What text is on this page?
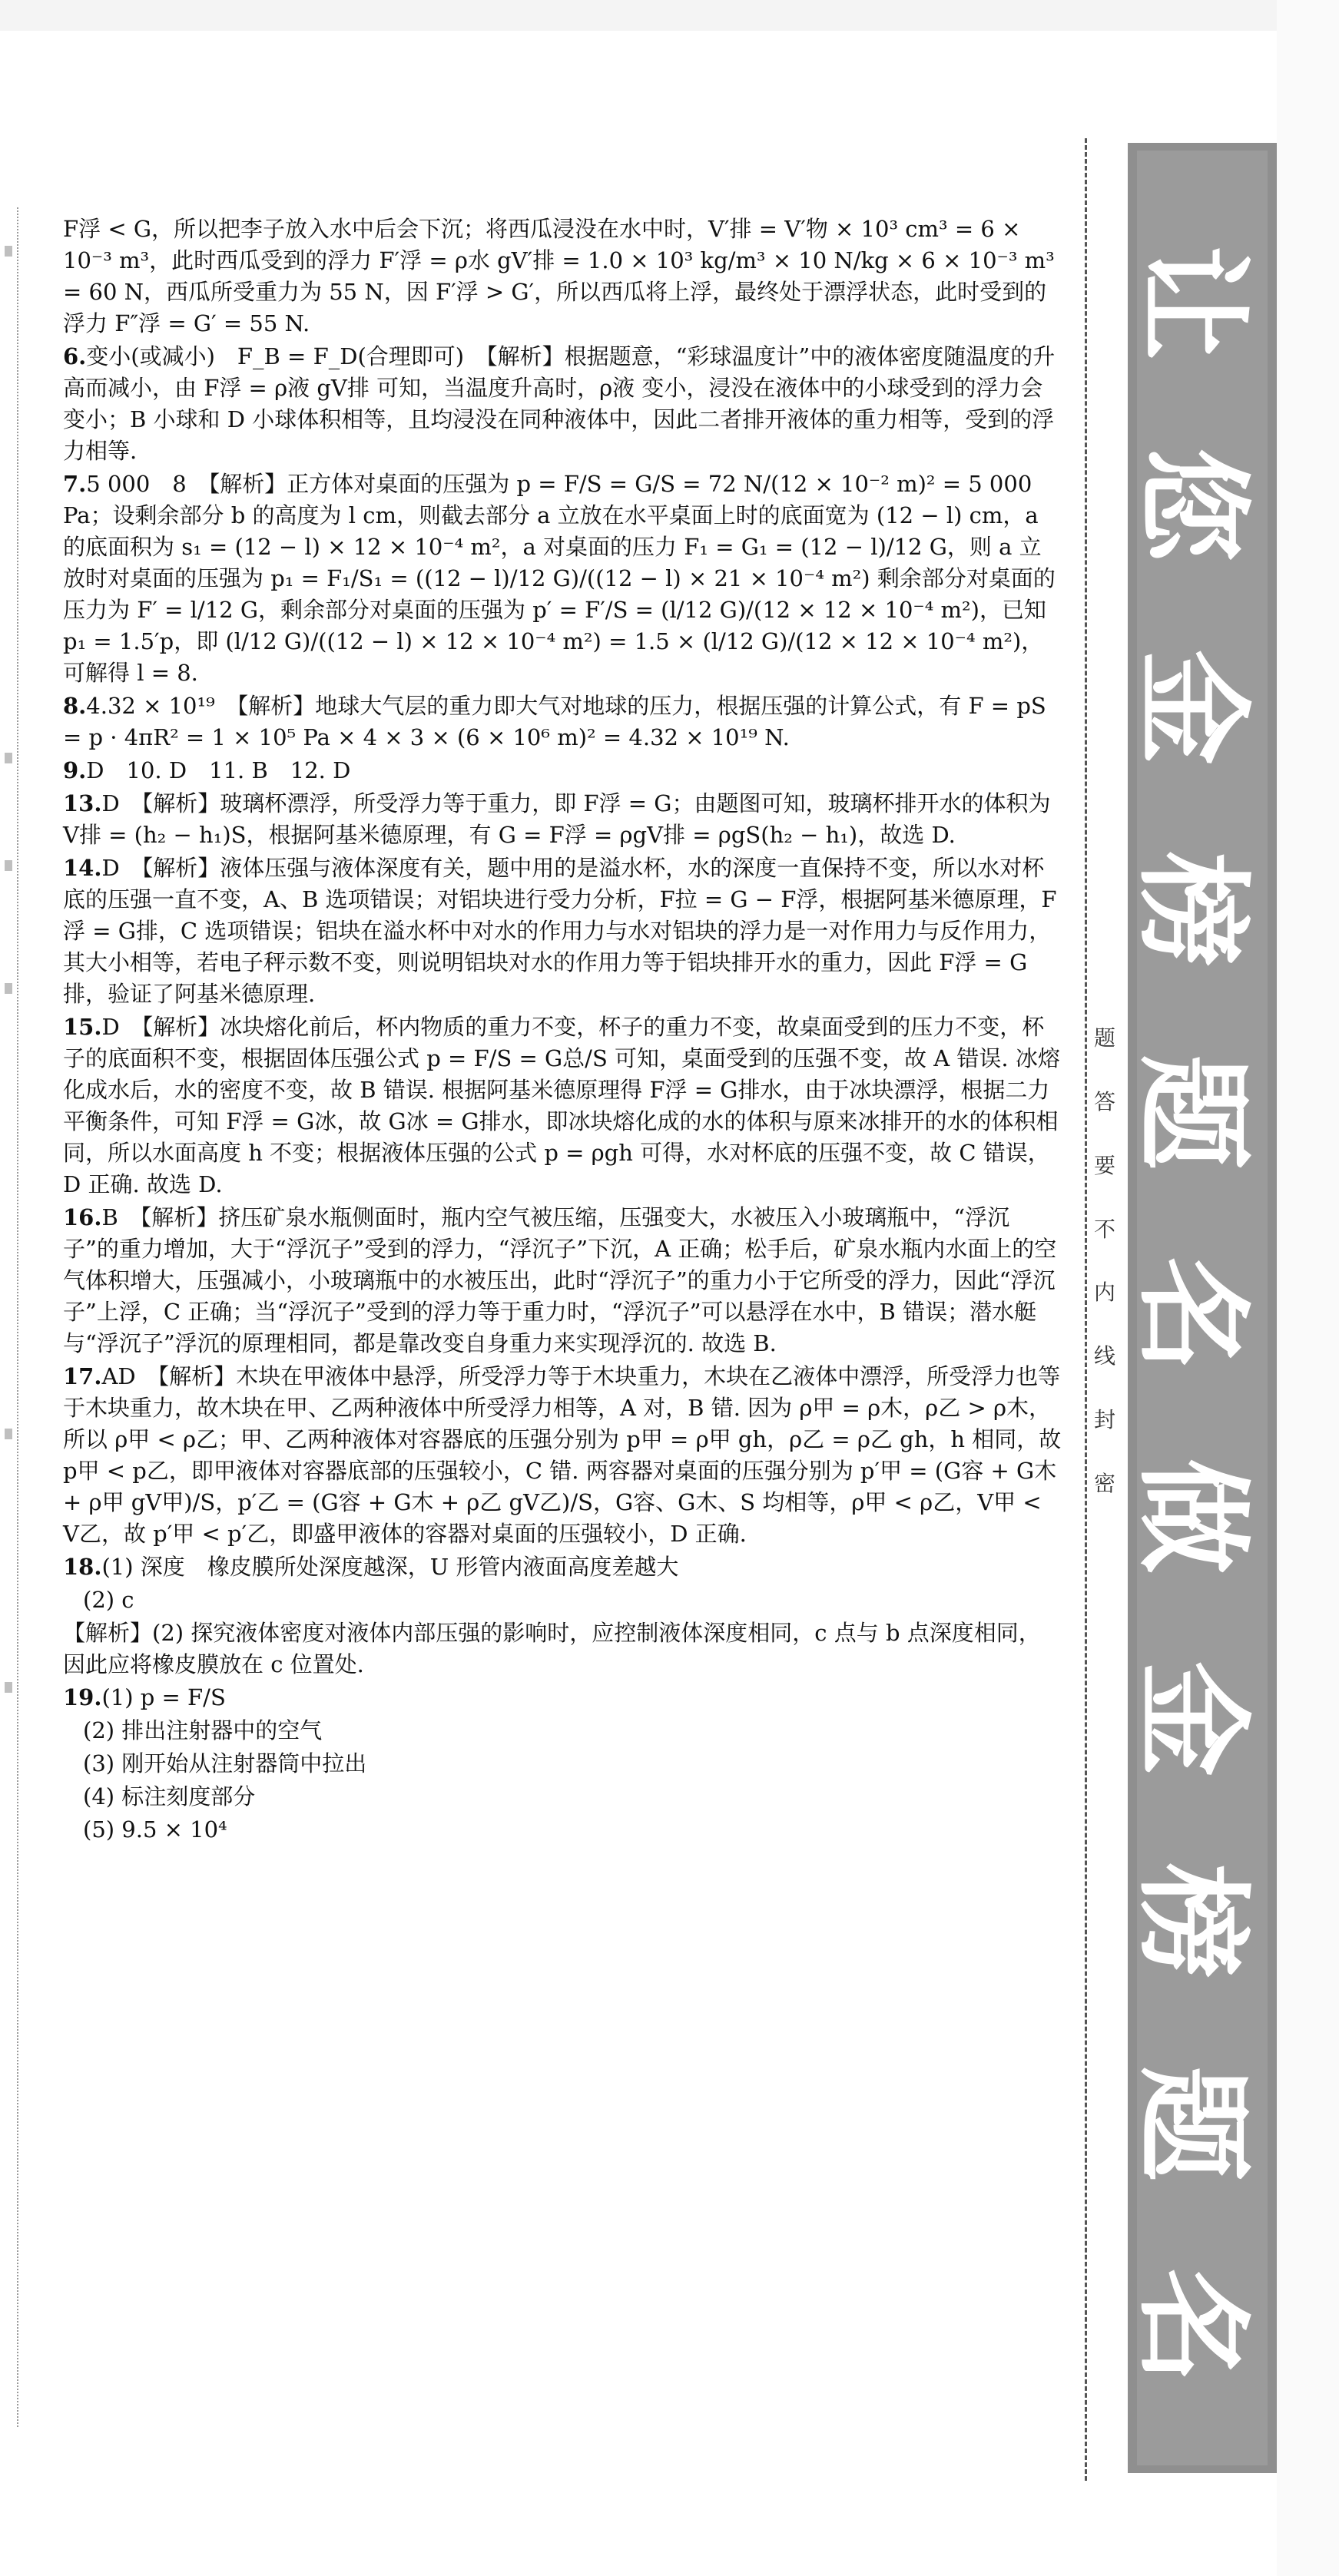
F浮 < G，所以把李子放入水中后会下沉；将西瓜浸没在水中时，V′排 = V′物 × 10³ cm³ = 6 × 10⁻³ m³，此时西瓜受到的浮力 F′浮 = ρ水 gV′排 = 1.0 × 10³ kg/m³ × 10 N/kg × 6 × 10⁻³ m³ = 60 N，西瓜所受重力为 55 N，因 F′浮 > G′，所以西瓜将上浮，最终处于漂浮状态，此时受到的浮力 F″浮 = G′ = 55 N.

6.变小(或减小)　F_B = F_D(合理即可)　【解析】根据题意，“彩球温度计”中的液体密度随温度的升高而减小，由 F浮 = ρ液 gV排 可知，当温度升高时，ρ液 变小，浸没在液体中的小球受到的浮力会变小；B 小球和 D 小球体积相等，且均浸没在同种液体中，因此二者排开液体的重力相等，受到的浮力相等.

7.5 000　8　【解析】正方体对桌面的压强为 p = F/S = G/S = 72 N/(12 × 10⁻² m)² = 5 000 Pa；设剩余部分 b 的高度为 l cm，则截去部分 a 立放在水平桌面上时的底面宽为 (12 − l) cm，a 的底面积为 s₁ = (12 − l) × 12 × 10⁻⁴ m²，a 对桌面的压力 F₁ = G₁ = (12 − l)/12 G，则 a 立放时对桌面的压强为 p₁ = F₁/S₁ = ((12 − l)/12 G)/((12 − l) × 21 × 10⁻⁴ m²) 剩余部分对桌面的压力为 F′ = l/12 G，剩余部分对桌面的压强为 p′ = F′/S = (l/12 G)/(12 × 12 × 10⁻⁴ m²)，已知 p₁ = 1.5′p，即 (l/12 G)/((12 − l) × 12 × 10⁻⁴ m²) = 1.5 × (l/12 G)/(12 × 12 × 10⁻⁴ m²)，可解得 l = 8.

8.4.32 × 10¹⁹　【解析】地球大气层的重力即大气对地球的压力，根据压强的计算公式，有 F = pS = p · 4πR² = 1 × 10⁵ Pa × 4 × 3 × (6 × 10⁶ m)² = 4.32 × 10¹⁹ N.

9.D　10. D　11. B　12. D

13.D　【解析】玻璃杯漂浮，所受浮力等于重力，即 F浮 = G；由题图可知，玻璃杯排开水的体积为 V排 = (h₂ − h₁)S，根据阿基米德原理，有 G = F浮 = ρgV排 = ρgS(h₂ − h₁)，故选 D.

14.D　【解析】液体压强与液体深度有关，题中用的是溢水杯，水的深度一直保持不变，所以水对杯底的压强一直不变，A、B 选项错误；对铝块进行受力分析，F拉 = G − F浮，根据阿基米德原理，F浮 = G排，C 选项错误；铝块在溢水杯中对水的作用力与水对铝块的浮力是一对作用力与反作用力，其大小相等，若电子秤示数不变，则说明铝块对水的作用力等于铝块排开水的重力，因此 F浮 = G排，验证了阿基米德原理.

15.D　【解析】冰块熔化前后，杯内物质的重力不变，杯子的重力不变，故桌面受到的压力不变，杯子的底面积不变，根据固体压强公式 p = F/S = G总/S 可知，桌面受到的压强不变，故 A 错误. 冰熔化成水后，水的密度不变，故 B 错误. 根据阿基米德原理得 F浮 = G排水，由于冰块漂浮，根据二力平衡条件，可知 F浮 = G冰，故 G冰 = G排水，即冰块熔化成的水的体积与原来冰排开的水的体积相同，所以水面高度 h 不变；根据液体压强的公式 p = ρgh 可得，水对杯底的压强不变，故 C 错误，D 正确. 故选 D.

16.B　【解析】挤压矿泉水瓶侧面时，瓶内空气被压缩，压强变大，水被压入小玻璃瓶中，“浮沉子”的重力增加，大于“浮沉子”受到的浮力，“浮沉子”下沉，A 正确；松手后，矿泉水瓶内水面上的空气体积增大，压强减小，小玻璃瓶中的水被压出，此时“浮沉子”的重力小于它所受的浮力，因此“浮沉子”上浮，C 正确；当“浮沉子”受到的浮力等于重力时，“浮沉子”可以悬浮在水中，B 错误；潜水艇与“浮沉子”浮沉的原理相同，都是靠改变自身重力来实现浮沉的. 故选 B.

17.AD　【解析】木块在甲液体中悬浮，所受浮力等于木块重力，木块在乙液体中漂浮，所受浮力也等于木块重力，故木块在甲、乙两种液体中所受浮力相等，A 对，B 错. 因为 ρ甲 = ρ木，ρ乙 > ρ木，所以 ρ甲 < ρ乙；甲、乙两种液体对容器底的压强分别为 p甲 = ρ甲 gh，ρ乙 = ρ乙 gh，h 相同，故 p甲 < p乙，即甲液体对容器底部的压强较小，C 错. 两容器对桌面的压强分别为 p′甲 = (G容 + G木 + ρ甲 gV甲)/S，p′乙 = (G容 + G木 + ρ乙 gV乙)/S，G容、G木、S 均相等，ρ甲 < ρ乙，V甲 < V乙，故 p′甲 < p′乙，即盛甲液体的容器对桌面的压强较小，D 正确.

18.(1) 深度　橡皮膜所处深度越深，U 形管内液面高度差越大

(2) c

【解析】(2) 探究液体密度对液体内部压强的影响时，应控制液体深度相同，c 点与 b 点深度相同，因此应将橡皮膜放在 c 位置处.

19.(1) p = F/S

(2) 排出注射器中的空气

(3) 刚开始从注射器筒中拉出

(4) 标注刻度部分

(5) 9.5 × 10⁴

题
答
要
不
内
线
封
密
让
您
金
榜
题
名
做
金
榜
题
名
